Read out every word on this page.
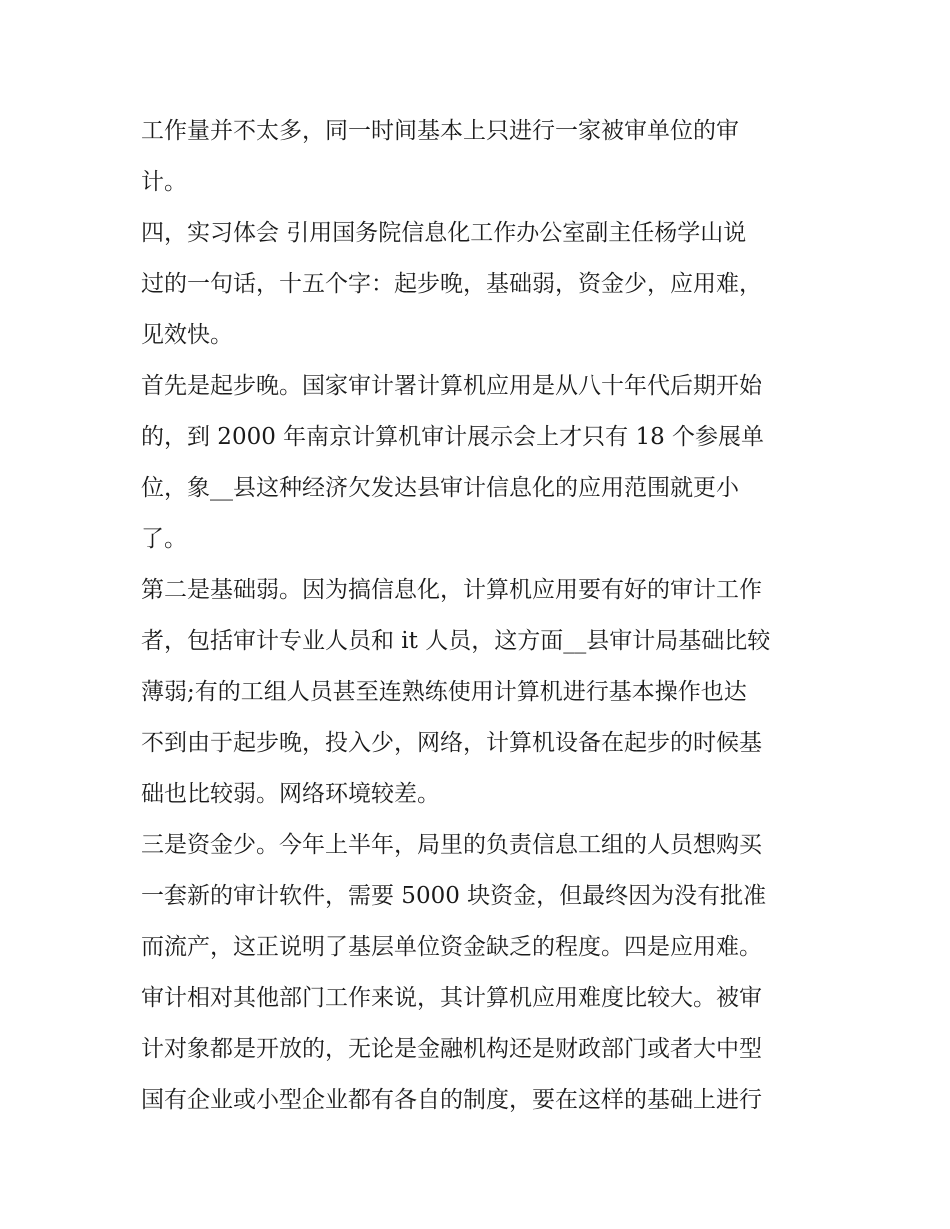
工作量并不太多，同一时间基本上只进行一家被审单位的审
计。
四，实习体会 引用国务院信息化工作办公室副主任杨学山说
过的一句话，十五个字：起步晚，基础弱，资金少，应用难，
见效快。
首先是起步晚。国家审计署计算机应用是从八十年代后期开始
的，到 2000 年南京计算机审计展示会上才只有 18 个参展单
位，象__县这种经济欠发达县审计信息化的应用范围就更小
了。
第二是基础弱。因为搞信息化，计算机应用要有好的审计工作
者，包括审计专业人员和 it 人员，这方面__县审计局基础比较
薄弱;有的工组人员甚至连熟练使用计算机进行基本操作也达
不到由于起步晚，投入少，网络，计算机设备在起步的时候基
础也比较弱。网络环境较差。
三是资金少。今年上半年，局里的负责信息工组的人员想购买
一套新的审计软件，需要 5000 块资金，但最终因为没有批准
而流产，这正说明了基层单位资金缺乏的程度。四是应用难。
审计相对其他部门工作来说，其计算机应用难度比较大。被审
计对象都是开放的，无论是金融机构还是财政部门或者大中型
国有企业或小型企业都有各自的制度，要在这样的基础上进行
